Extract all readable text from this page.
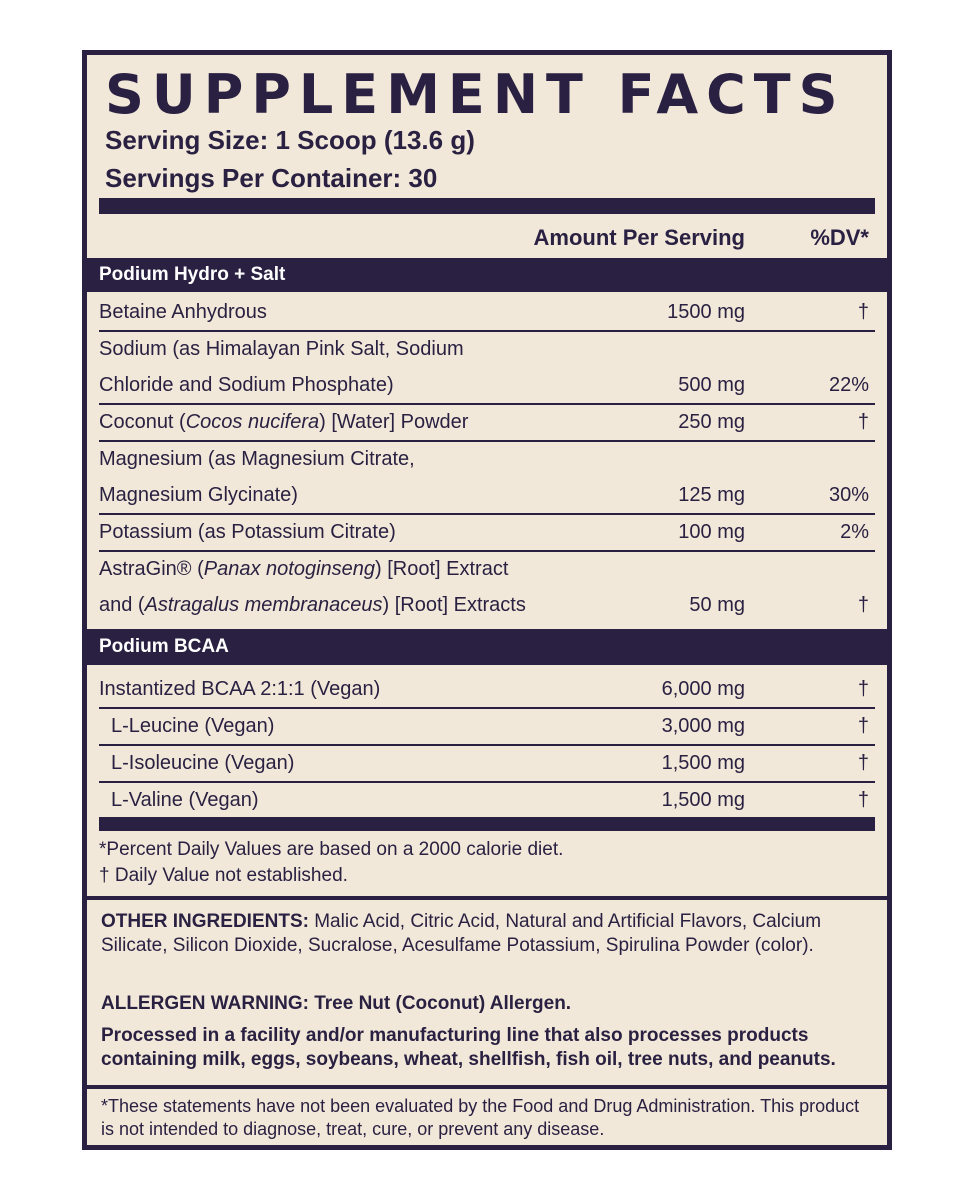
SUPPLEMENT FACTS
Serving Size: 1 Scoop (13.6 g)
Servings Per Container: 30
Amount Per Serving	%DV*
Podium Hydro + Salt
Betaine Anhydrous	1500 mg	†
Sodium (as Himalayan Pink Salt, Sodium
Chloride and Sodium Phosphate)	500 mg	22%
Coconut (Cocos nucifera) [Water] Powder	250 mg	†
Magnesium (as Magnesium Citrate,
Magnesium Glycinate)	125 mg	30%
Potassium (as Potassium Citrate)	100 mg	2%
AstraGin® (Panax notoginseng) [Root] Extract
and (Astragalus membranaceus) [Root] Extracts	50 mg	†
Podium BCAA
Instantized BCAA 2:1:1 (Vegan)	6,000 mg	†
L-Leucine (Vegan)	3,000 mg	†
L-Isoleucine (Vegan)	1,500 mg	†
L-Valine (Vegan)	1,500 mg	†
*Percent Daily Values are based on a 2000 calorie diet.
† Daily Value not established.
OTHER INGREDIENTS: Malic Acid, Citric Acid, Natural and Artificial Flavors, Calcium Silicate, Silicon Dioxide, Sucralose, Acesulfame Potassium, Spirulina Powder (color).
ALLERGEN WARNING: Tree Nut (Coconut) Allergen.
Processed in a facility and/or manufacturing line that also processes products containing milk, eggs, soybeans, wheat, shellfish, fish oil, tree nuts, and peanuts.
*These statements have not been evaluated by the Food and Drug Administration. This product is not intended to diagnose, treat, cure, or prevent any disease.
